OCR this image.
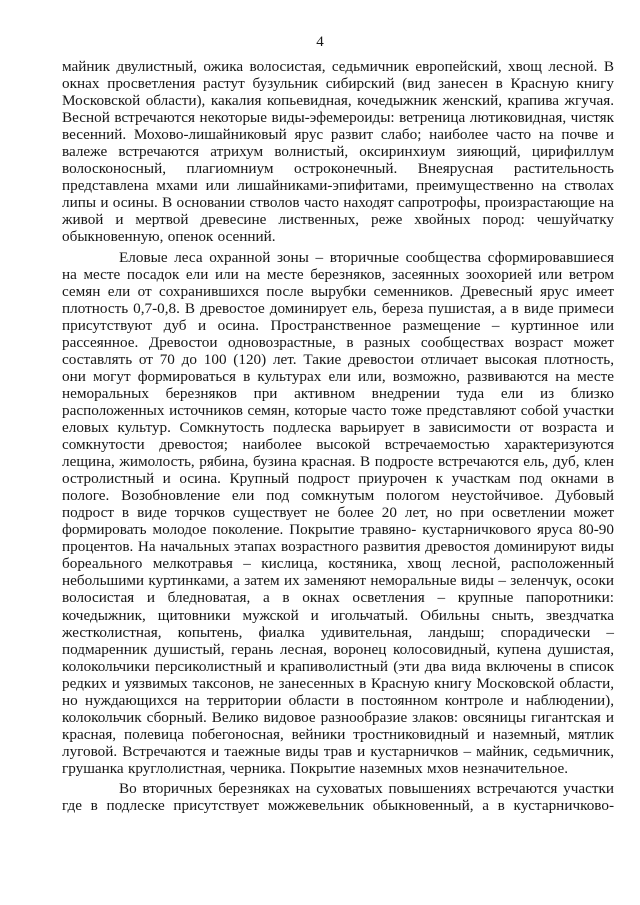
4

майник двулистный, ожика волосистая, седьмичник европейский, хвощ лесной. В окнах просветления растут бузульник сибирский (вид занесен в Красную книгу Московской области), какалия копьевидная, кочедыжник женский, крапива жгучая. Весной встречаются некоторые виды-эфемероиды: ветреница лютиковидная, чистяк весенний. Мохово-лишайниковый ярус развит слабо; наиболее часто на почве и валеже встречаются атрихум волнистый, оксиринхиум зияющий, цирифиллум волосконосный, плагиомниум остроконечный. Внеярусная растительность представлена мхами или лишайниками-эпифитами, преимущественно на стволах липы и осины. В основании стволов часто находят сапротрофы, произрастающие на живой и мертвой древесине лиственных, реже хвойных пород: чешуйчатку обыкновенную, опенок осенний.

Еловые леса охранной зоны – вторичные сообщества сформировавшиеся на месте посадок ели или на месте березняков, засеянных зоохорией или ветром семян ели от сохранившихся после вырубки семенников. Древесный ярус имеет плотность 0,7-0,8. В древостое доминирует ель, береза пушистая, а в виде примеси присутствуют дуб и осина. Пространственное размещение – куртинное или рассеянное. Древостои одновозрастные, в разных сообществах возраст может составлять от 70 до 100 (120) лет. Такие древостои отличает высокая плотность, они могут формироваться в культурах ели или, возможно, развиваются на месте неморальных березняков при активном внедрении туда ели из близко расположенных источников семян, которые часто тоже представляют собой участки еловых культур. Сомкнутость подлеска варьирует в зависимости от возраста и сомкнутости древостоя; наиболее высокой встречаемостью характеризуются лещина, жимолость, рябина, бузина красная. В подросте встречаются ель, дуб, клен остролистный и осина. Крупный подрост приурочен к участкам под окнами в пологе. Возобновление ели под сомкнутым пологом неустойчивое. Дубовый подрост в виде торчков существует не более 20 лет, но при осветлении может формировать молодое поколение. Покрытие травяно- кустарничкового яруса 80-90 процентов. На начальных этапах возрастного развития древостоя доминируют виды бореального мелкотравья – кислица, костяника, хвощ лесной, расположенный небольшими куртинками, а затем их заменяют неморальные виды – зеленчук, осоки волосистая и бледноватая, а в окнах осветления – крупные папоротники: кочедыжник, щитовники мужской и игольчатый. Обильны сныть, звездчатка жестколистная, копытень, фиалка удивительная, ландыш; спорадически – подмаренник душистый, герань лесная, воронец колосовидный, купена душистая, колокольчики персиколистный и крапиволистный (эти два вида включены в список редких и уязвимых таксонов, не занесенных в Красную книгу Московской области, но нуждающихся на территории области в постоянном контроле и наблюдении), колокольчик сборный. Велико видовое разнообразие злаков: овсяницы гигантская и красная, полевица побегоносная, вейники тростниковидный и наземный, мятлик луговой. Встречаются и таежные виды трав и кустарничков – майник, седьмичник, грушанка круглолистная, черника. Покрытие наземных мхов незначительное.

Во вторичных березняках на суховатых повышениях встречаются участки где в подлеске присутствует можжевельник обыкновенный, а в кустарничково-
